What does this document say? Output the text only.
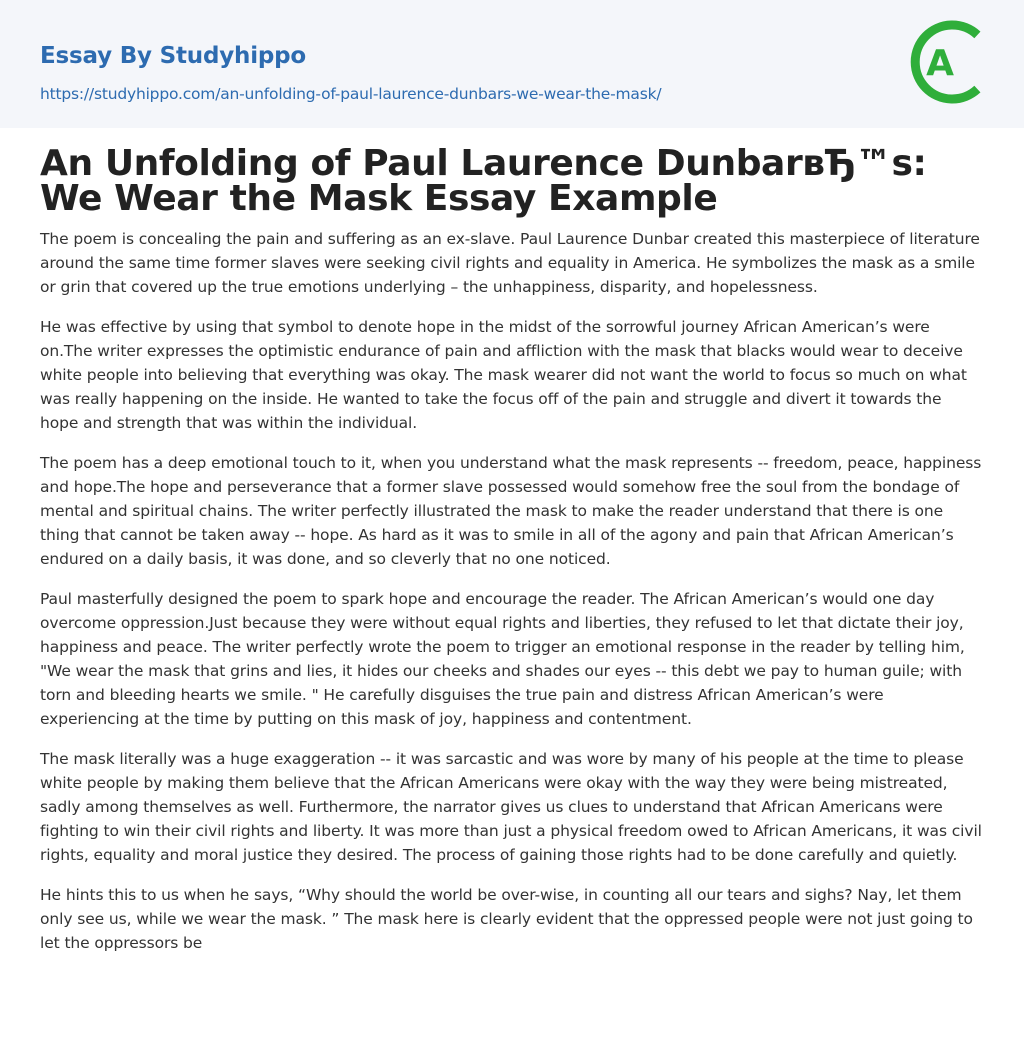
Essay By Studyhippo
https://studyhippo.com/an-unfolding-of-paul-laurence-dunbars-we-wear-the-mask/
A
An Unfolding of Paul Laurence DunbarвЂ™s: We Wear the Mask Essay Example

The poem is concealing the pain and suffering as an ex-slave. Paul Laurence Dunbar created this masterpiece of literature around the same time former slaves were seeking civil rights and equality in America. He symbolizes the mask as a smile or grin that covered up the true emotions underlying – the unhappiness, disparity, and hopelessness.

He was effective by using that symbol to denote hope in the midst of the sorrowful journey African American’s were on.The writer expresses the optimistic endurance of pain and affliction with the mask that blacks would wear to deceive white people into believing that everything was okay. The mask wearer did not want the world to focus so much on what was really happening on the inside. He wanted to take the focus off of the pain and struggle and divert it towards the hope and strength that was within the individual.

The poem has a deep emotional touch to it, when you understand what the mask represents -- freedom, peace, happiness and hope.The hope and perseverance that a former slave possessed would somehow free the soul from the bondage of mental and spiritual chains. The writer perfectly illustrated the mask to make the reader understand that there is one thing that cannot be taken away -- hope. As hard as it was to smile in all of the agony and pain that African American’s endured on a daily basis, it was done, and so cleverly that no one noticed.

Paul masterfully designed the poem to spark hope and encourage the reader. The African American’s would one day overcome oppression.Just because they were without equal rights and liberties, they refused to let that dictate their joy, happiness and peace. The writer perfectly wrote the poem to trigger an emotional response in the reader by telling him, "We wear the mask that grins and lies, it hides our cheeks and shades our eyes -- this debt we pay to human guile; with torn and bleeding hearts we smile. " He carefully disguises the true pain and distress African American’s were experiencing at the time by putting on this mask of joy, happiness and contentment.

The mask literally was a huge exaggeration -- it was sarcastic and was wore by many of his people at the time to please white people by making them believe that the African Americans were okay with the way they were being mistreated, sadly among themselves as well. Furthermore, the narrator gives us clues to understand that African Americans were fighting to win their civil rights and liberty. It was more than just a physical freedom owed to African Americans, it was civil rights, equality and moral justice they desired. The process of gaining those rights had to be done carefully and quietly.

He hints this to us when he says, “Why should the world be over-wise, in counting all our tears and sighs? Nay, let them only see us, while we wear the mask. ” The mask here is clearly evident that the oppressed people were not just going to let the oppressors be
